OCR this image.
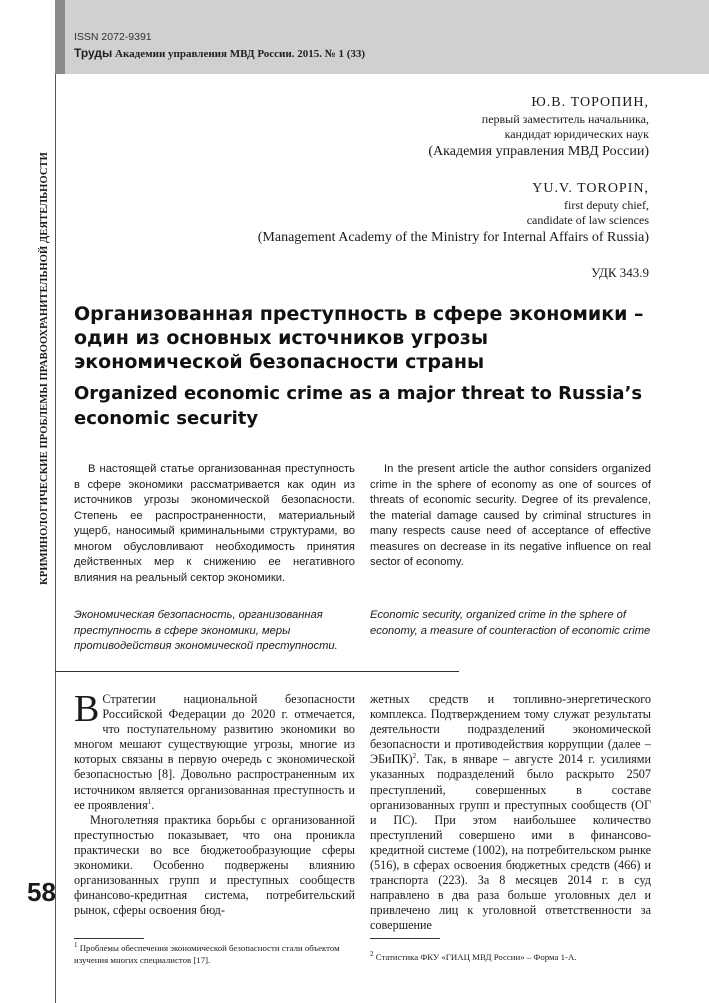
ISSN 2072-9391
Труды Академии управления МВД России. 2015. № 1 (33)
КРИМИНОЛОГИЧЕСКИЕ ПРОБЛЕМЫ ПРАВООХРАНИТЕЛЬНОЙ ДЕЯТЕЛЬНОСТИ
58
Ю.В. ТОРОПИН,
первый заместитель начальника,
кандидат юридических наук
(Академия управления МВД России)
YU.V. TOROPIN,
first deputy chief,
candidate of law sciences
(Management Academy of the Ministry for Internal Affairs of Russia)
УДК 343.9
Организованная преступность в сфере экономики – один из основных источников угрозы экономической безопасности страны
Organized economic crime as a major threat to Russia’s economic security
В настоящей статье организованная преступность в сфере экономики рассматривается как один из источников угрозы экономической безопасности. Степень ее распространенности, материальный ущерб, наносимый криминальными структурами, во многом обусловливают необходимость принятия действенных мер к снижению ее негативного влияния на реальный сектор экономики.
In the present article the author considers organized crime in the sphere of economy as one of sources of threats of economic security. Degree of its prevalence, the material damage caused by criminal structures in many respects cause need of acceptance of effective measures on decrease in its negative influence on real sector of economy.
Экономическая безопасность, организованная преступность в сфере экономики, меры противодействия экономической преступности.
Economic security, organized crime in the sphere of economy, a measure of counteraction of economic crime

В Стратегии национальной безопасности Российской Федерации до 2020 г. отмечается, что поступательному развитию экономики во многом мешают существующие угрозы, многие из которых связаны в первую очередь с экономической безопасностью [8]. Довольно распространенным их источником является организованная преступность и ее проявления$^1$.

Многолетняя практика борьбы с организованной преступностью показывает, что она проникла практически во все бюджетообразующие сферы экономики. Особенно подвержены влиянию организованных групп и преступных сообществ финансово-кредитная система, потребительский рынок, сферы освоения бюд-

жетных средств и топливно-энергетического комплекса. Подтверждением тому служат результаты деятельности подразделений экономической безопасности и противодействия коррупции (далее – ЭБиПК)$^2$. Так, в январе – августе 2014 г. усилиями указанных подразделений было раскрыто 2507 преступлений, совершенных в составе организованных групп и преступных сообществ (ОГ и ПС). При этом наибольшее количество преступлений совершено ими в финансово-кредитной системе (1002), на потребительском рынке (516), в сферах освоения бюджетных средств (466) и транспорта (223). За 8 месяцев 2014 г. в суд направлено в два раза больше уголовных дел и привлечено лиц к уголовной ответственности за совершение

$^1$ Проблемы обеспечения экономической безопасности стали объектом изучения многих специалистов [17].
$^2$ Статистика ФКУ «ГИАЦ МВД России» – Форма 1-А.
